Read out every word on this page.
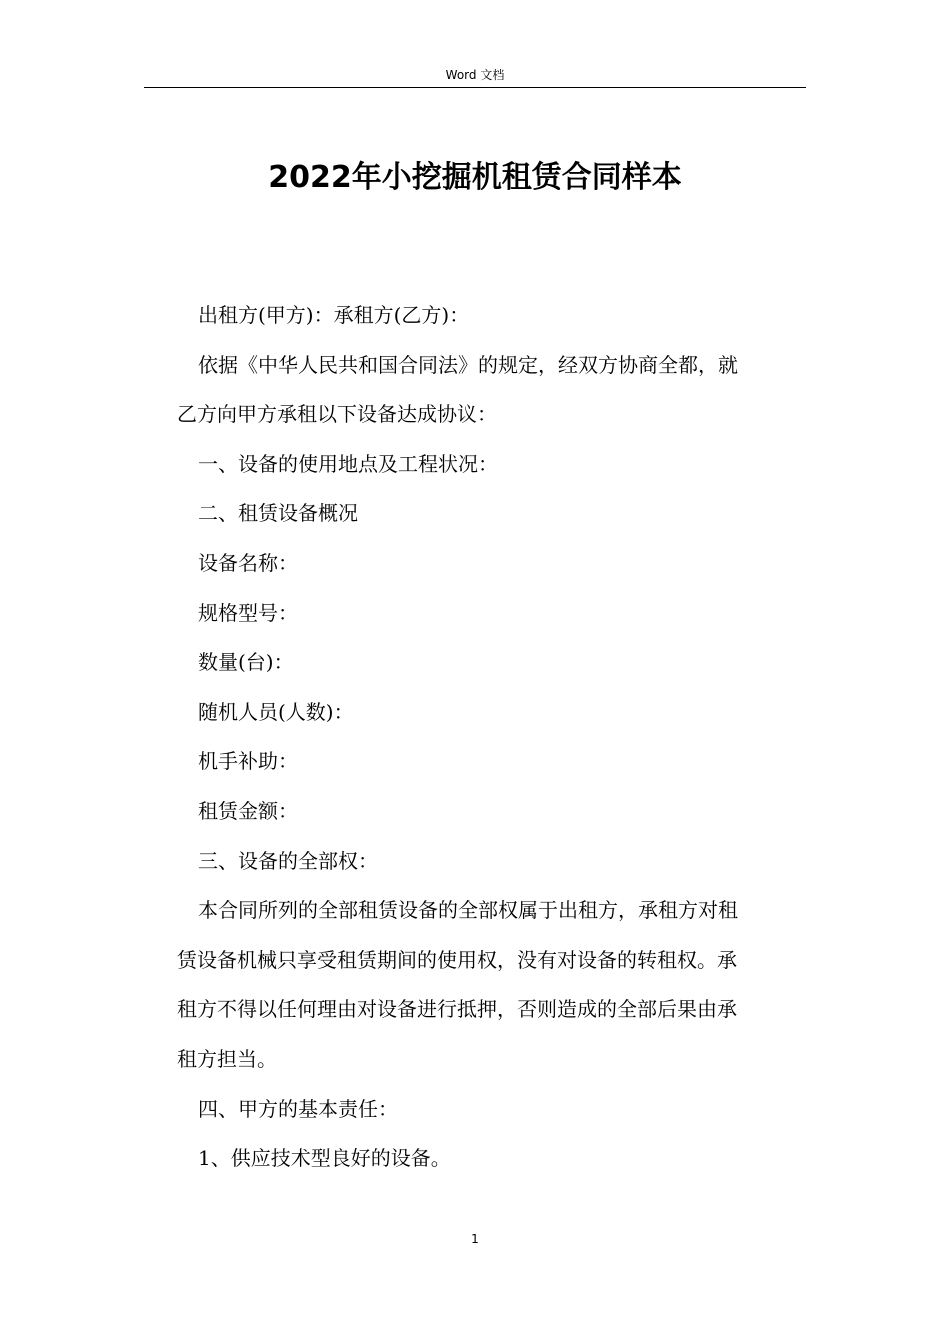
Word 文档
2022年小挖掘机租赁合同样本

出租方(甲方)：承租方(乙方)：

依据《中华人民共和国合同法》的规定，经双方协商全都，就
乙方向甲方承租以下设备达成协议：

一、设备的使用地点及工程状况：

二、租赁设备概况

设备名称：

规格型号：

数量(台)：

随机人员(人数)：

机手补助：

租赁金额：

三、设备的全部权：

本合同所列的全部租赁设备的全部权属于出租方，承租方对租
赁设备机械只享受租赁期间的使用权，没有对设备的转租权。承
租方不得以任何理由对设备进行抵押，否则造成的全部后果由承
租方担当。

四、甲方的基本责任：

1、供应技术型良好的设备。

1
